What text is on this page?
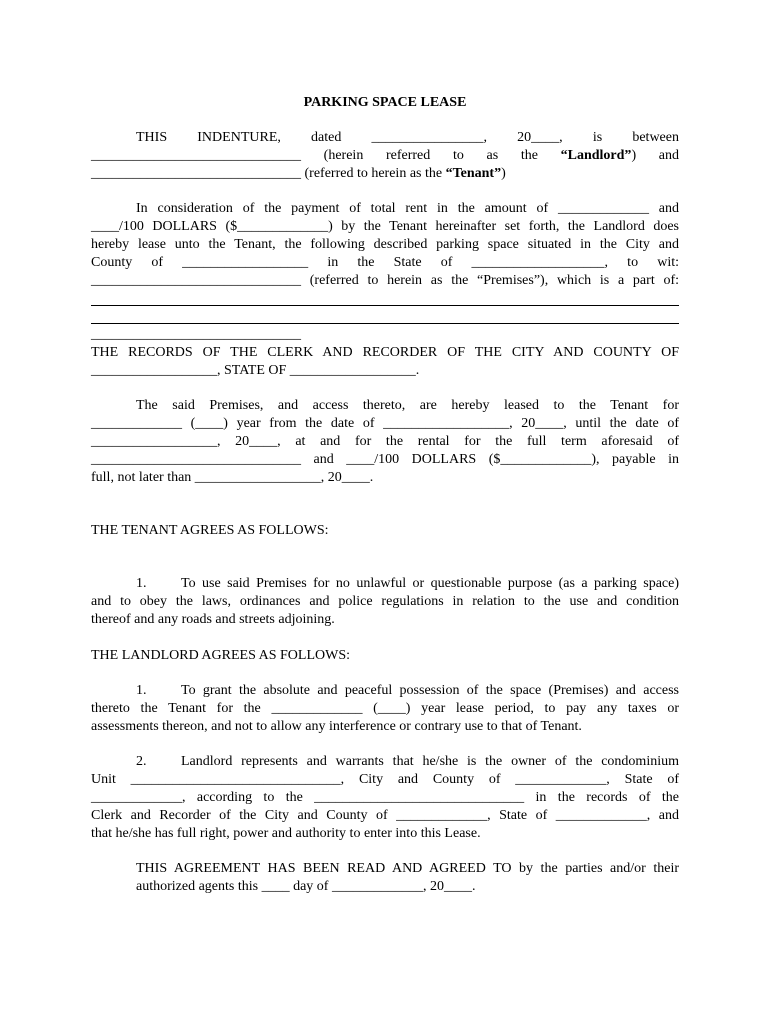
PARKING SPACE LEASE
THIS INDENTURE, dated ________________, 20____, is between
______________________________ (herein referred to as the “Landlord”) and
______________________________ (referred to herein as the “Tenant”)
In consideration of the payment of total rent in the amount of _____________ and
____/100 DOLLARS ($_____________) by the Tenant hereinafter set forth, the Landlord does
hereby lease unto the Tenant, the following described parking space situated in the City and
County of __________________ in the State of ___________________, to wit:
______________________________ (referred to herein as the “Premises”), which is a part of:
______________________________
THE RECORDS OF THE CLERK AND RECORDER OF THE CITY AND COUNTY OF
__________________, STATE OF __________________.
The said Premises, and access thereto, are hereby leased to the Tenant for
_____________ (____) year from the date of __________________, 20____, until the date of
__________________, 20____, at and for the rental for the full term aforesaid of
______________________________ and ____/100 DOLLARS ($_____________), payable in
full, not later than __________________, 20____.
THE TENANT AGREES AS FOLLOWS:
1. To use said Premises for no unlawful or questionable purpose (as a parking space)
and to obey the laws, ordinances and police regulations in relation to the use and condition
thereof and any roads and streets adjoining.
THE LANDLORD AGREES AS FOLLOWS:
1. To grant the absolute and peaceful possession of the space (Premises) and access
thereto the Tenant for the _____________ (____) year lease period, to pay any taxes or
assessments thereon, and not to allow any interference or contrary use to that of Tenant.
2. Landlord represents and warrants that he/she is the owner of the condominium
Unit ______________________________, City and County of _____________, State of
_____________, according to the ______________________________ in the records of the
Clerk and Recorder of the City and County of _____________, State of _____________, and
that he/she has full right, power and authority to enter into this Lease.
THIS AGREEMENT HAS BEEN READ AND AGREED TO by the parties and/or their
authorized agents this ____ day of _____________, 20____.
